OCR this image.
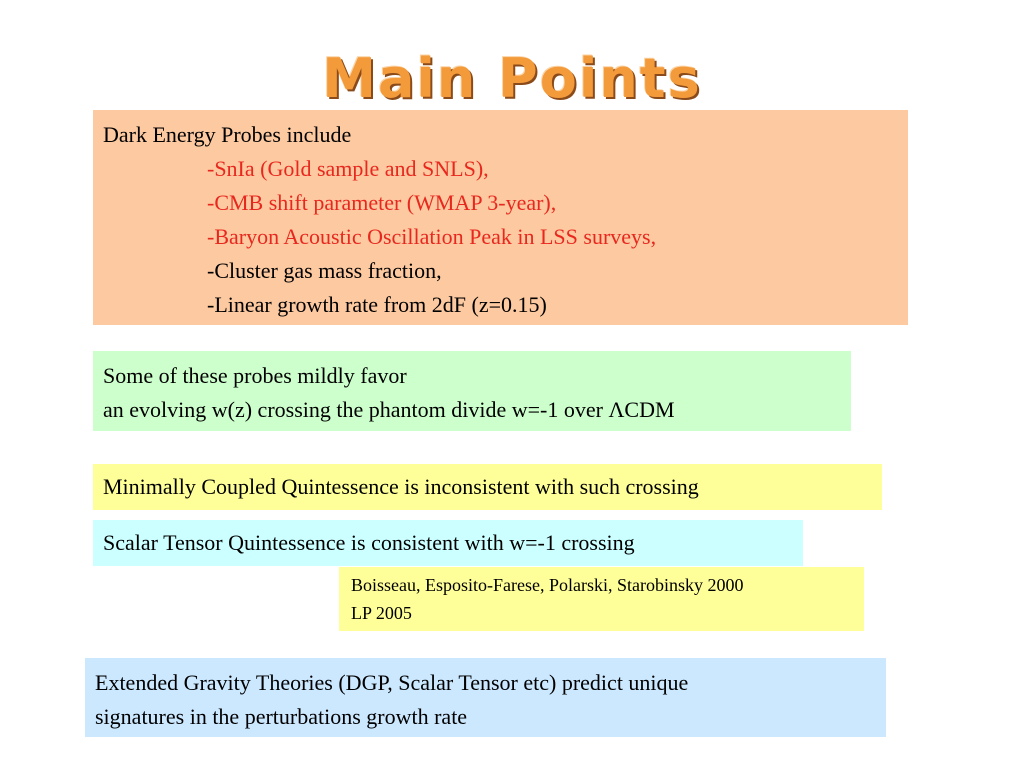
Main Points
Dark Energy Probes include
-SnIa (Gold sample and SNLS),
-CMB shift parameter (WMAP 3-year),
-Baryon Acoustic Oscillation Peak in LSS surveys,
-Cluster gas mass fraction,
-Linear growth rate from 2dF (z=0.15)
Some of these probes mildly favor
an evolving w(z) crossing the phantom divide w=-1 over ΛCDM
Minimally Coupled Quintessence is inconsistent with such crossing
Scalar Tensor Quintessence is consistent with w=-1 crossing
Boisseau, Esposito-Farese, Polarski, Starobinsky 2000
LP 2005
Extended Gravity Theories (DGP, Scalar Tensor etc) predict unique
signatures in the perturbations growth rate
